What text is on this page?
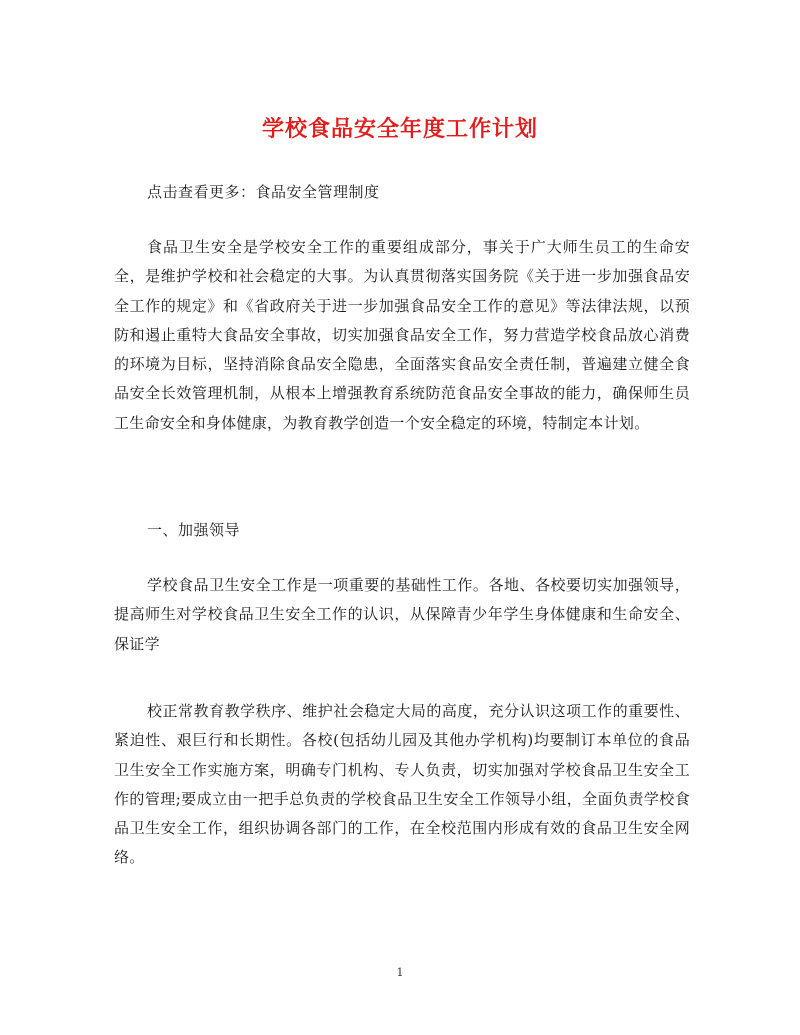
学校食品安全年度工作计划
点击查看更多：食品安全管理制度

食品卫生安全是学校安全工作的重要组成部分，事关于广大师生员工的生命安全，是维护学校和社会稳定的大事。为认真贯彻落实国务院《关于进一步加强食品安全工作的规定》和《省政府关于进一步加强食品安全工作的意见》等法律法规，以预防和遏止重特大食品安全事故，切实加强食品安全工作，努力营造学校食品放心消费的环境为目标，坚持消除食品安全隐患，全面落实食品安全责任制，普遍建立健全食品安全长效管理机制，从根本上增强教育系统防范食品安全事故的能力，确保师生员工生命安全和身体健康，为教育教学创造一个安全稳定的环境，特制定本计划。

一、加强领导

学校食品卫生安全工作是一项重要的基础性工作。各地、各校要切实加强领导，提高师生对学校食品卫生安全工作的认识，从保障青少年学生身体健康和生命安全、保证学

校正常教育教学秩序、维护社会稳定大局的高度，充分认识这项工作的重要性、紧迫性、艰巨行和长期性。各校(包括幼儿园及其他办学机构)均要制订本单位的食品卫生安全工作实施方案，明确专门机构、专人负责，切实加强对学校食品卫生安全工作的管理;要成立由一把手总负责的学校食品卫生安全工作领导小组，全面负责学校食品卫生安全工作，组织协调各部门的工作，在全校范围内形成有效的食品卫生安全网络。

1
